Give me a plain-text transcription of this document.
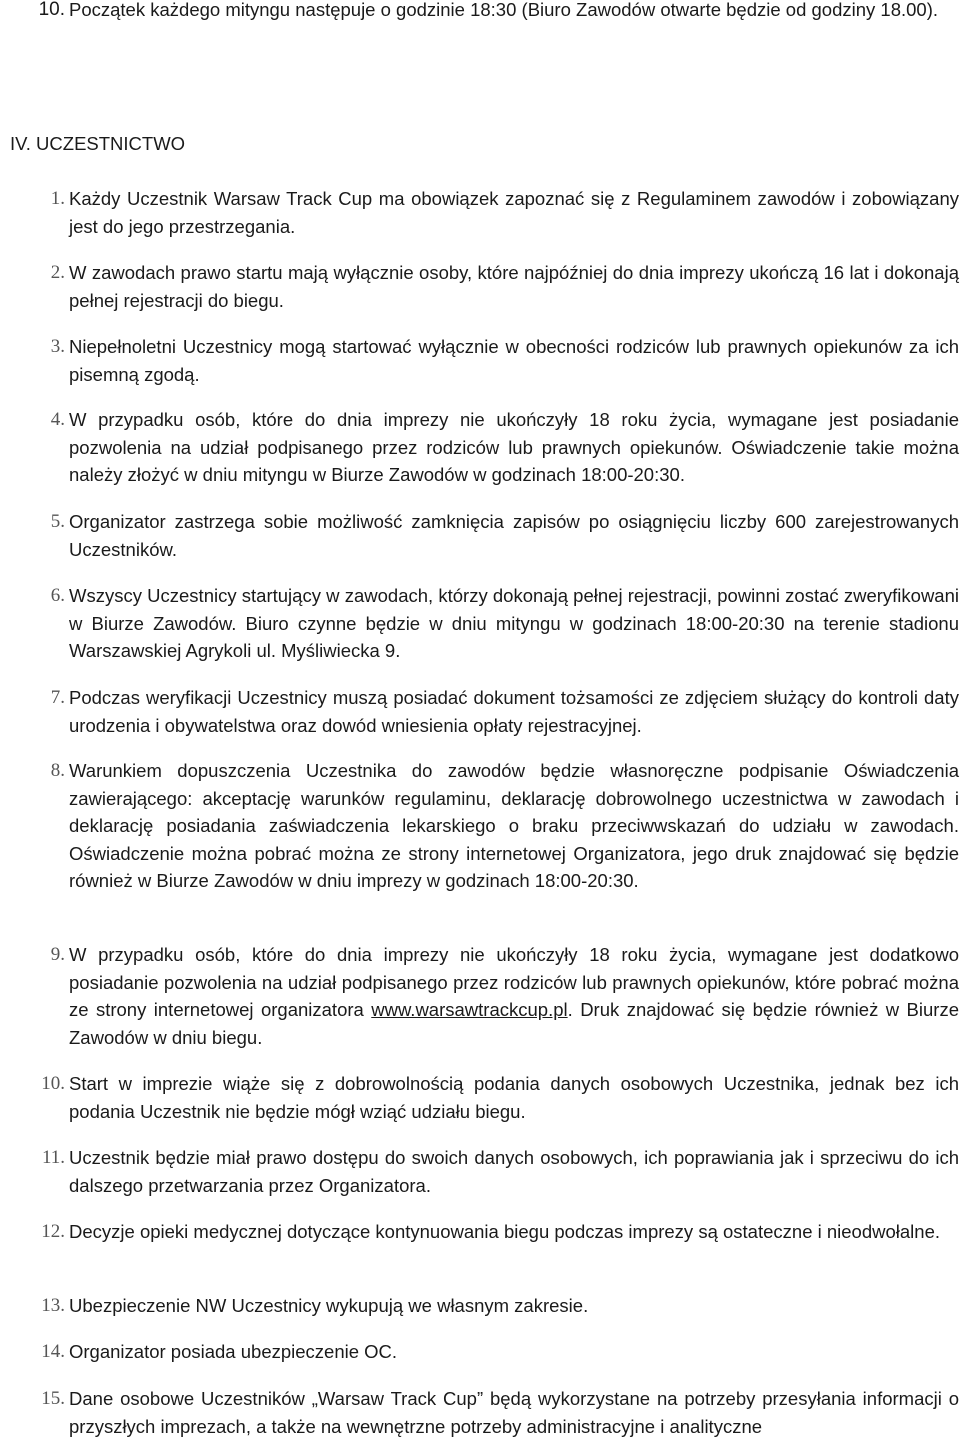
10. Początek każdego mityngu następuje o godzinie 18:30 (Biuro Zawodów otwarte będzie od godziny 18.00).

IV. UCZESTNICTWO

1. Każdy Uczestnik Warsaw Track Cup ma obowiązek zapoznać się z Regulaminem zawodów i zobowiązany jest do jego przestrzegania.

2. W zawodach prawo startu mają wyłącznie osoby, które najpóźniej do dnia imprezy ukończą 16 lat i dokonają pełnej rejestracji do biegu.

3. Niepełnoletni Uczestnicy mogą startować wyłącznie w obecności rodziców lub prawnych opiekunów za ich pisemną zgodą.

4. W przypadku osób, które do dnia imprezy nie ukończyły 18 roku życia, wymagane jest posiadanie pozwolenia na udział podpisanego przez rodziców lub prawnych opiekunów. Oświadczenie takie można należy złożyć w dniu mityngu w Biurze Zawodów w godzinach 18:00-20:30.

5. Organizator zastrzega sobie możliwość zamknięcia zapisów po osiągnięciu liczby 600 zarejestrowanych Uczestników.

6. Wszyscy Uczestnicy startujący w zawodach, którzy dokonają pełnej rejestracji, powinni zostać zweryfikowani w Biurze Zawodów. Biuro czynne będzie w dniu mityngu w godzinach 18:00-20:30 na terenie stadionu Warszawskiej Agrykoli ul. Myśliwiecka 9.

7. Podczas weryfikacji Uczestnicy muszą posiadać dokument tożsamości ze zdjęciem służący do kontroli daty urodzenia i obywatelstwa oraz dowód wniesienia opłaty rejestracyjnej.

8. Warunkiem dopuszczenia Uczestnika do zawodów będzie własnoręczne podpisanie Oświadczenia zawierającego: akceptację warunków regulaminu, deklarację dobrowolnego uczestnictwa w zawodach i deklarację posiadania zaświadczenia lekarskiego o braku przeciwwskazań do udziału w zawodach. Oświadczenie można pobrać można ze strony internetowej Organizatora, jego druk znajdować się będzie również w Biurze Zawodów w dniu imprezy w godzinach 18:00-20:30.

9. W przypadku osób, które do dnia imprezy nie ukończyły 18 roku życia, wymagane jest dodatkowo posiadanie pozwolenia na udział podpisanego przez rodziców lub prawnych opiekunów, które pobrać można ze strony internetowej organizatora www.warsawtrackcup.pl. Druk znajdować się będzie również w Biurze Zawodów w dniu biegu.

10. Start w imprezie wiąże się z dobrowolnością podania danych osobowych Uczestnika, jednak bez ich podania Uczestnik nie będzie mógł wziąć udziału biegu.

11. Uczestnik będzie miał prawo dostępu do swoich danych osobowych, ich poprawiania jak i sprzeciwu do ich dalszego przetwarzania przez Organizatora.

12. Decyzje opieki medycznej dotyczące kontynuowania biegu podczas imprezy są ostateczne i nieodwołalne.

13. Ubezpieczenie NW Uczestnicy wykupują we własnym zakresie.

14. Organizator posiada ubezpieczenie OC.

15. Dane osobowe Uczestników „Warsaw Track Cup” będą wykorzystane na potrzeby przesyłania informacji o przyszłych imprezach, a także na wewnętrzne potrzeby administracyjne i analityczne
